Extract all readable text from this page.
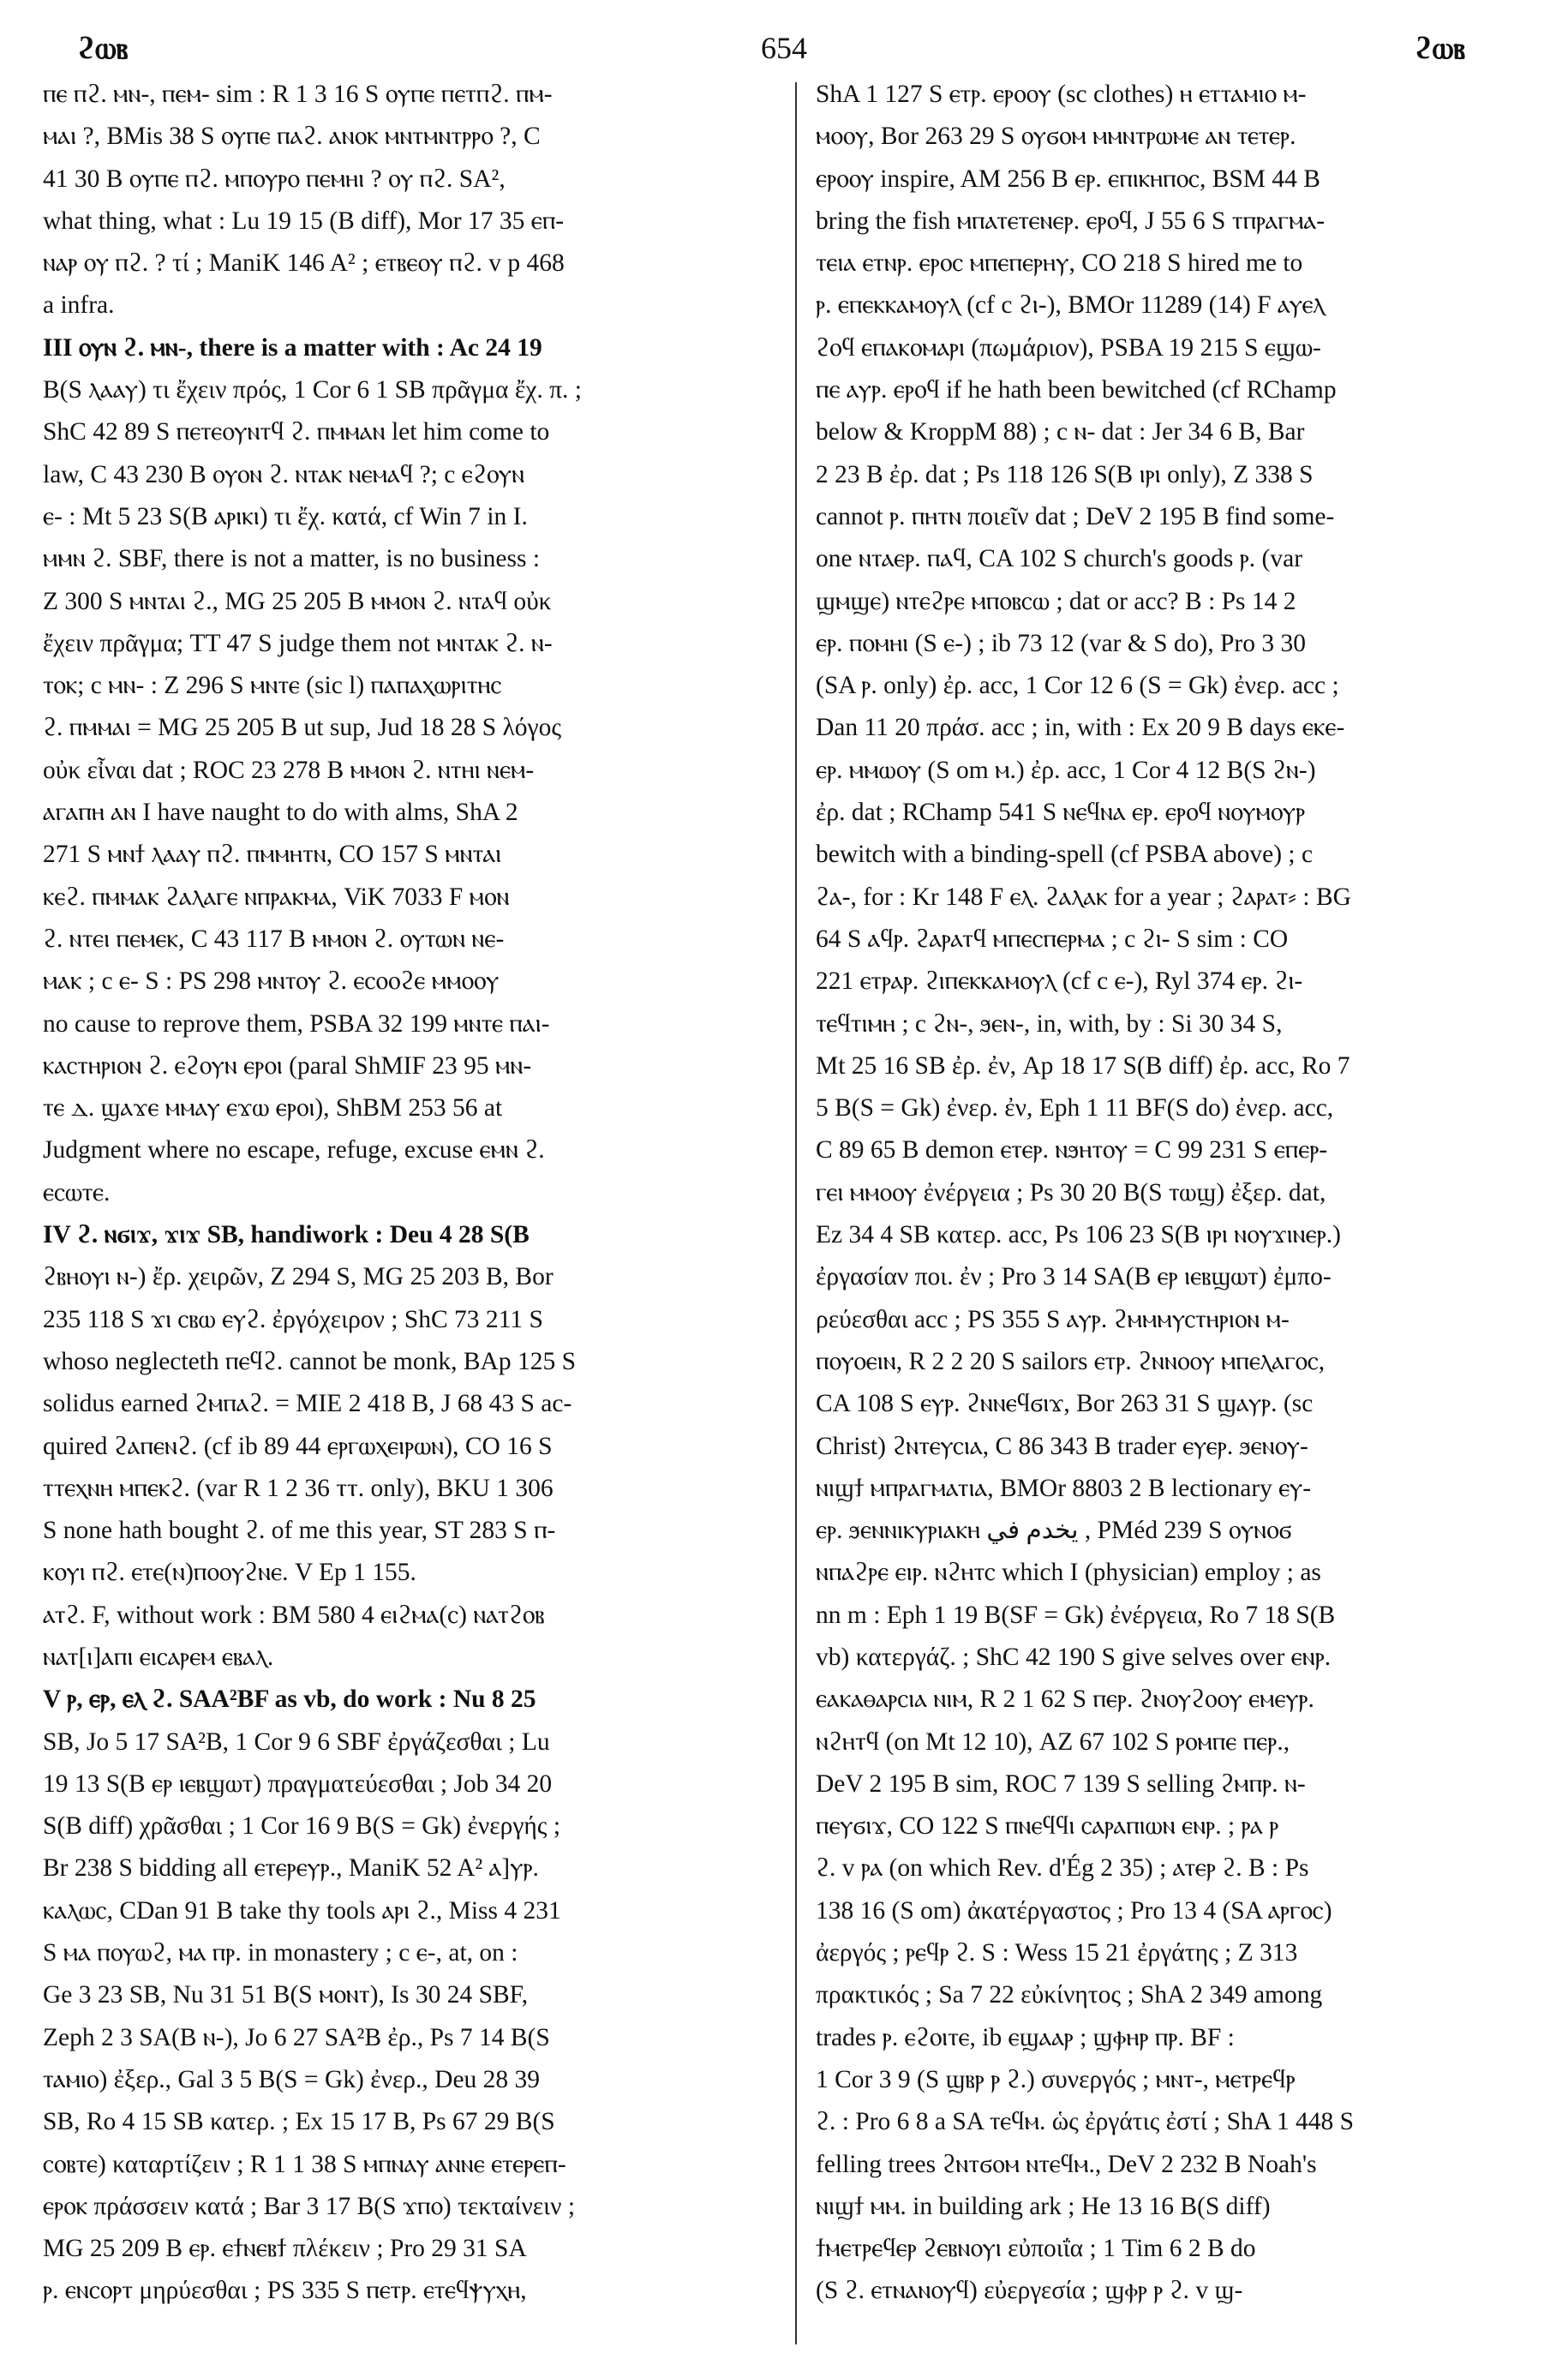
ϩⲱⲃ	654	ϩⲱⲃ
ⲡⲉ ⲡϩ. ⲙⲛ-, ⲡⲉⲙ- sim : R 1 3 16 S ⲟⲩⲡⲉ ⲡⲉⲧⲡϩ. ⲡⲙ-
ⲙⲁⲓ ?, BMis 38 S ⲟⲩⲡⲉ ⲡⲁϩ. ⲁⲛⲟⲕ ⲙⲛⲧⲙⲛⲧⲣⲣⲟ ?, C
41 30 B ⲟⲩⲡⲉ ⲡϩ. ⲙⲡⲟⲩⲣⲟ ⲡⲉⲙⲏⲓ ? ⲟⲩ ⲡϩ. SA²,
what thing, what : Lu 19 15 (B diff), Mor 17 35 ⲉⲡ-
ⲛⲁⲣ ⲟⲩ ⲡϩ. ? τί ; ManiK 146 A² ; ⲉⲧⲃⲉⲟⲩ ⲡϩ. v p 468
a infra.
III ⲟⲩⲛ ϩ. ⲙⲛ-, there is a matter with : Ac 24 19
B(S ⲗⲁⲁⲩ) τι ἔχειν πρός, 1 Cor 6 1 SB πρᾶγμα ἔχ. π. ;
ShC 42 89 S ⲡⲉⲧⲉⲟⲩⲛⲧϥ ϩ. ⲡⲙⲙⲁⲛ let him come to
law, C 43 230 B ⲟⲩⲟⲛ ϩ. ⲛⲧⲁⲕ ⲛⲉⲙⲁϥ ?; c ⲉϩⲟⲩⲛ
ⲉ- : Mt 5 23 S(B ⲁⲣⲓⲕⲓ) τι ἔχ. κατά, cf Win 7 in I.
ⲙⲙⲛ ϩ. SBF, there is not a matter, is no business :
Z 300 S ⲙⲛⲧⲁⲓ ϩ., MG 25 205 B ⲙⲙⲟⲛ ϩ. ⲛⲧⲁϥ οὐκ
ἔχειν πρᾶγμα; TT 47 S judge them not ⲙⲛⲧⲁⲕ ϩ. ⲛ-
ⲧⲟⲕ; c ⲙⲛ- : Z 296 S ⲙⲛⲧⲉ (sic l) ⲡⲁⲡⲁⲭⲱⲣⲓⲧⲏⲥ
ϩ. ⲡⲙⲙⲁⲓ = MG 25 205 B ut sup, Jud 18 28 S λόγος
οὐκ εἶναι dat ; ROC 23 278 B ⲙⲙⲟⲛ ϩ. ⲛⲧⲏⲓ ⲛⲉⲙ-
ⲁⲅⲁⲡⲏ ⲁⲛ I have naught to do with alms, ShA 2
271 S ⲙⲛϯ ⲗⲁⲁⲩ ⲡϩ. ⲡⲙⲙⲏⲧⲛ, CO 157 S ⲙⲛⲧⲁⲓ
ⲕⲉϩ. ⲡⲙⲙⲁⲕ ϩⲁⲗⲁⲅⲉ ⲛⲡⲣⲁⲕⲙⲁ, ViK 7033 F ⲙⲟⲛ
ϩ. ⲛⲧⲉⲓ ⲡⲉⲙⲉⲕ, C 43 117 B ⲙⲙⲟⲛ ϩ. ⲟⲩⲧⲱⲛ ⲛⲉ-
ⲙⲁⲕ ; c ⲉ- S : PS 298 ⲙⲛⲧⲟⲩ ϩ. ⲉⲥⲟⲟϩⲉ ⲙⲙⲟⲟⲩ
no cause to reprove them, PSBA 32 199 ⲙⲛⲧⲉ ⲡⲁⲓ-
ⲕⲁⲥⲧⲏⲣⲓⲟⲛ ϩ. ⲉϩⲟⲩⲛ ⲉⲣⲟⲓ (paral ShMIF 23 95 ⲙⲛ-
ⲧⲉ ⲇ. ϣⲁϫⲉ ⲙⲙⲁⲩ ⲉϫⲱ ⲉⲣⲟⲓ), ShBM 253 56 at
Judgment where no escape, refuge, excuse ⲉⲙⲛ ϩ.
ⲉⲥⲱⲧⲉ.
IV ϩ. ⲛϭⲓϫ, ϫⲓϫ SB, handiwork : Deu 4 28 S(B
ϩⲃⲏⲟⲩⲓ ⲛ-) ἔρ. χειρῶν, Z 294 S, MG 25 203 B, Bor
235 118 S ϫⲓ ⲥⲃⲱ ⲉⲩϩ. ἐργόχειρον ; ShC 73 211 S
whoso neglecteth ⲡⲉϥϩ. cannot be monk, BAp 125 S
solidus earned ϩⲙⲡⲁϩ. = MIE 2 418 B, J 68 43 S ac-
quired ϩⲁⲡⲉⲛϩ. (cf ib 89 44 ⲉⲣⲅⲱⲭⲉⲓⲣⲱⲛ), CO 16 S
ⲧⲧⲉⲭⲛⲏ ⲙⲡⲉⲕϩ. (var R 1 2 36 ⲧⲧ. only), BKU 1 306
S none hath bought ϩ. of me this year, ST 283 S ⲡ-
ⲕⲟⲩⲓ ⲡϩ. ⲉⲧⲉ(ⲛ)ⲡⲟⲟⲩϩⲛⲉ. V Ep 1 155.
ⲁⲧϩ. F, without work : BM 580 4 ⲉⲓϩⲙⲁ(ⲥ) ⲛⲁⲧϩⲟⲃ
ⲛⲁⲧ[ⲓ]ⲁⲡⲓ ⲉⲓⲥⲁⲣⲉⲙ ⲉⲃⲁⲗ.
V ⲣ, ⲉⲣ, ⲉⲗ ϩ. SAA²BF as vb, do work : Nu 8 25
SB, Jo 5 17 SA²B, 1 Cor 9 6 SBF ἐργάζεσθαι ; Lu
19 13 S(B ⲉⲣ ⲓⲉⲃϣⲱⲧ) πραγματεύεσθαι ; Job 34 20
S(B diff) χρᾶσθαι ; 1 Cor 16 9 B(S = Gk) ἐνεργής ;
Br 238 S bidding all ⲉⲧⲉⲣⲉⲩⲣ., ManiK 52 A² ⲁ]ⲩⲣ.
ⲕⲁⲗⲱⲥ, CDan 91 B take thy tools ⲁⲣⲓ ϩ., Miss 4 231
S ⲙⲁ ⲡⲟⲩⲱϩ, ⲙⲁ ⲡⲣ. in monastery ; c ⲉ-, at, on :
Ge 3 23 SB, Nu 31 51 B(S ⲙⲟⲛⲧ), Is 30 24 SBF,
Zeph 2 3 SA(B ⲛ-), Jo 6 27 SA²B ἐρ., Ps 7 14 B(S
ⲧⲁⲙⲓⲟ) ἐξερ., Gal 3 5 B(S = Gk) ἐνερ., Deu 28 39
SB, Ro 4 15 SB κατερ. ; Ex 15 17 B, Ps 67 29 B(S
ⲥⲟⲃⲧⲉ) καταρτίζειν ; R 1 1 38 S ⲙⲡⲛⲁⲩ ⲁⲛⲛⲉ ⲉⲧⲉⲣⲉⲡ-
ⲉⲣⲟⲕ πράσσειν κατά ; Bar 3 17 B(S ϫⲡⲟ) τεκταίνειν ;
MG 25 209 B ⲉⲣ. ⲉϯⲛⲉⲃϯ πλέκειν ; Pro 29 31 SA
ⲣ. ⲉⲛⲥⲟⲣⲧ μηρύεσθαι ; PS 335 S ⲡⲉⲧⲣ. ⲉⲧⲉϥⲯⲩⲭⲏ,
ShA 1 127 S ⲉⲧⲣ. ⲉⲣⲟⲟⲩ (sc clothes) ⲏ ⲉⲧⲧⲁⲙⲓⲟ ⲙ-
ⲙⲟⲟⲩ, Bor 263 29 S ⲟⲩϭⲟⲙ ⲙⲙⲛⲧⲣⲱⲙⲉ ⲁⲛ ⲧⲉⲧⲉⲣ.
ⲉⲣⲟⲟⲩ inspire, AM 256 B ⲉⲣ. ⲉⲡⲓⲕⲏⲡⲟⲥ, BSM 44 B
bring the fish ⲙⲡⲁⲧⲉⲧⲉⲛⲉⲣ. ⲉⲣⲟϥ, J 55 6 S ⲧⲡⲣⲁⲅⲙⲁ-
ⲧⲉⲓⲁ ⲉⲧⲛⲣ. ⲉⲣⲟⲥ ⲙⲡⲉⲡⲉⲣⲏⲩ, CO 218 S hired me to
ⲣ. ⲉⲡⲉⲕⲕⲁⲙⲟⲩⲗ (cf c ϩⲓ-), BMOr 11289 (14) F ⲁⲩⲉⲗ
ϩⲟϥ ⲉⲡⲁⲕⲟⲙⲁⲣⲓ (πωμάριον), PSBA 19 215 S ⲉϣⲱ-
ⲡⲉ ⲁⲩⲣ. ⲉⲣⲟϥ if he hath been bewitched (cf RChamp
below & KroppM 88) ; c ⲛ- dat : Jer 34 6 B, Bar
2 23 B ἐρ. dat ; Ps 118 126 S(B ⲓⲣⲓ only), Z 338 S
cannot ⲣ. ⲡⲏⲧⲛ ποιεῖν dat ; DeV 2 195 B find some-
one ⲛⲧⲁⲉⲣ. ⲡⲁϥ, CA 102 S church's goods ⲣ. (var
ϣⲙϣⲉ) ⲛⲧⲉϩⲣⲉ ⲙⲡⲟⲃⲥⲱ ; dat or acc? B : Ps 14 2
ⲉⲣ. ⲡⲟⲙⲏⲓ (S ⲉ-) ; ib 73 12 (var & S do), Pro 3 30
(SA ⲣ. only) ἐρ. acc, 1 Cor 12 6 (S = Gk) ἐνερ. acc ;
Dan 11 20 πράσ. acc ; in, with : Ex 20 9 B days ⲉⲕⲉ-
ⲉⲣ. ⲙⲙⲱⲟⲩ (S om ⲙ.) ἐρ. acc, 1 Cor 4 12 B(S ϩⲛ-)
ἐρ. dat ; RChamp 541 S ⲛⲉϥⲛⲁ ⲉⲣ. ⲉⲣⲟϥ ⲛⲟⲩⲙⲟⲩⲣ
bewitch with a binding-spell (cf PSBA above) ; c
ϩⲁ-, for : Kr 148 F ⲉⲗ. ϩⲁⲗⲁⲕ for a year ; ϩⲁⲣⲁⲧ⸗ : BG
64 S ⲁϥⲣ. ϩⲁⲣⲁⲧϥ ⲙⲡⲉⲥⲡⲉⲣⲙⲁ ; c ϩⲓ- S sim : CO
221 ⲉⲧⲣⲁⲣ. ϩⲓⲡⲉⲕⲕⲁⲙⲟⲩⲗ (cf c ⲉ-), Ryl 374 ⲉⲣ. ϩⲓ-
ⲧⲉϥⲧⲓⲙⲏ ; c ϩⲛ-, ϧⲉⲛ-, in, with, by : Si 30 34 S,
Mt 25 16 SB ἐρ. ἐν, Ap 18 17 S(B diff) ἐρ. acc, Ro 7
5 B(S = Gk) ἐνερ. ἐν, Eph 1 11 BF(S do) ἐνερ. acc,
C 89 65 B demon ⲉⲧⲉⲣ. ⲛϧⲏⲧⲟⲩ = C 99 231 S ⲉⲡⲉⲣ-
ⲅⲉⲓ ⲙⲙⲟⲟⲩ ἐνέργεια ; Ps 30 20 B(S ⲧⲱϣ) ἐξερ. dat,
Ez 34 4 SB κατερ. acc, Ps 106 23 S(B ⲓⲣⲓ ⲛⲟⲩϫⲓⲛⲉⲣ.)
ἐργασίαν ποι. ἐν ; Pro 3 14 SA(B ⲉⲣ ⲓⲉⲃϣⲱⲧ) ἐμπο-
ρεύεσθαι acc ; PS 355 S ⲁⲩⲣ. ϩⲙⲙⲙⲩⲥⲧⲏⲣⲓⲟⲛ ⲙ-
ⲡⲟⲩⲟⲉⲓⲛ, R 2 2 20 S sailors ⲉⲧⲣ. ϩⲛⲛⲟⲟⲩ ⲙⲡⲉⲗⲁⲅⲟⲥ,
CA 108 S ⲉⲩⲣ. ϩⲛⲛⲉϥϭⲓϫ, Bor 263 31 S ϣⲁⲩⲣ. (sc
Christ) ϩⲛⲧⲉⲩⲥⲓⲁ, C 86 343 B trader ⲉⲩⲉⲣ. ϧⲉⲛⲟⲩ-
ⲛⲓϣϯ ⲙⲡⲣⲁⲅⲙⲁⲧⲓⲁ, BMOr 8803 2 B lectionary ⲉⲩ-
ⲉⲣ. ϧⲉⲛⲛⲓⲕⲩⲣⲓⲁⲕⲏ يخدم في , PMéd 239 S ⲟⲩⲛⲟϭ
ⲛⲡⲁϩⲣⲉ ⲉⲓⲣ. ⲛϩⲏⲧⲥ which I (physician) employ ; as
nn m : Eph 1 19 B(SF = Gk) ἐνέργεια, Ro 7 18 S(B
vb) κατεργάζ. ; ShC 42 190 S give selves over ⲉⲛⲣ.
ⲉⲁⲕⲁⲑⲁⲣⲥⲓⲁ ⲛⲓⲙ, R 2 1 62 S ⲡⲉⲣ. ϩⲛⲟⲩϩⲟⲟⲩ ⲉⲙⲉⲩⲣ.
ⲛϩⲏⲧϥ (on Mt 12 10), AZ 67 102 S ⲣⲟⲙⲡⲉ ⲡⲉⲣ.,
DeV 2 195 B sim, ROC 7 139 S selling ϩⲙⲡⲣ. ⲛ-
ⲡⲉⲩϭⲓϫ, CO 122 S ⲡⲛⲉϥϥⲓ ⲥⲁⲣⲁⲡⲓⲱⲛ ⲉⲛⲣ. ; ⲣⲁ ⲣ
ϩ. v ⲣⲁ (on which Rev. d'Ég 2 35) ; ⲁⲧⲉⲣ ϩ. B : Ps
138 16 (S om) ἀκατέργαστος ; Pro 13 4 (SA ⲁⲣⲅⲟⲥ)
ἀεργός ; ⲣⲉϥⲣ ϩ. S : Wess 15 21 ἐργάτης ; Z 313
πρακτικός ; Sa 7 22 εὐκίνητος ; ShA 2 349 among
trades ⲣ. ⲉϩⲟⲓⲧⲉ, ib ⲉϣⲁⲁⲣ ; ϣⲫⲏⲣ ⲡⲣ. BF :
1 Cor 3 9 (S ϣⲃⲣ ⲣ ϩ.) συνεργός ; ⲙⲛⲧ-, ⲙⲉⲧⲣⲉϥⲣ
ϩ. : Pro 6 8 a SA ⲧⲉϥⲙ. ὡς ἐργάτις ἐστί ; ShA 1 448 S
felling trees ϩⲛⲧϭⲟⲙ ⲛⲧⲉϥⲙ., DeV 2 232 B Noah's
ⲛⲓϣϯ ⲙⲙ. in building ark ; He 13 16 B(S diff)
ϯⲙⲉⲧⲣⲉϥⲉⲣ ϩⲉⲃⲛⲟⲩⲓ εὐποιΐα ; 1 Tim 6 2 B do
(S ϩ. ⲉⲧⲛⲁⲛⲟⲩϥ) εὐεργεσία ; ϣⲫⲣ ⲣ ϩ. v ϣ-
